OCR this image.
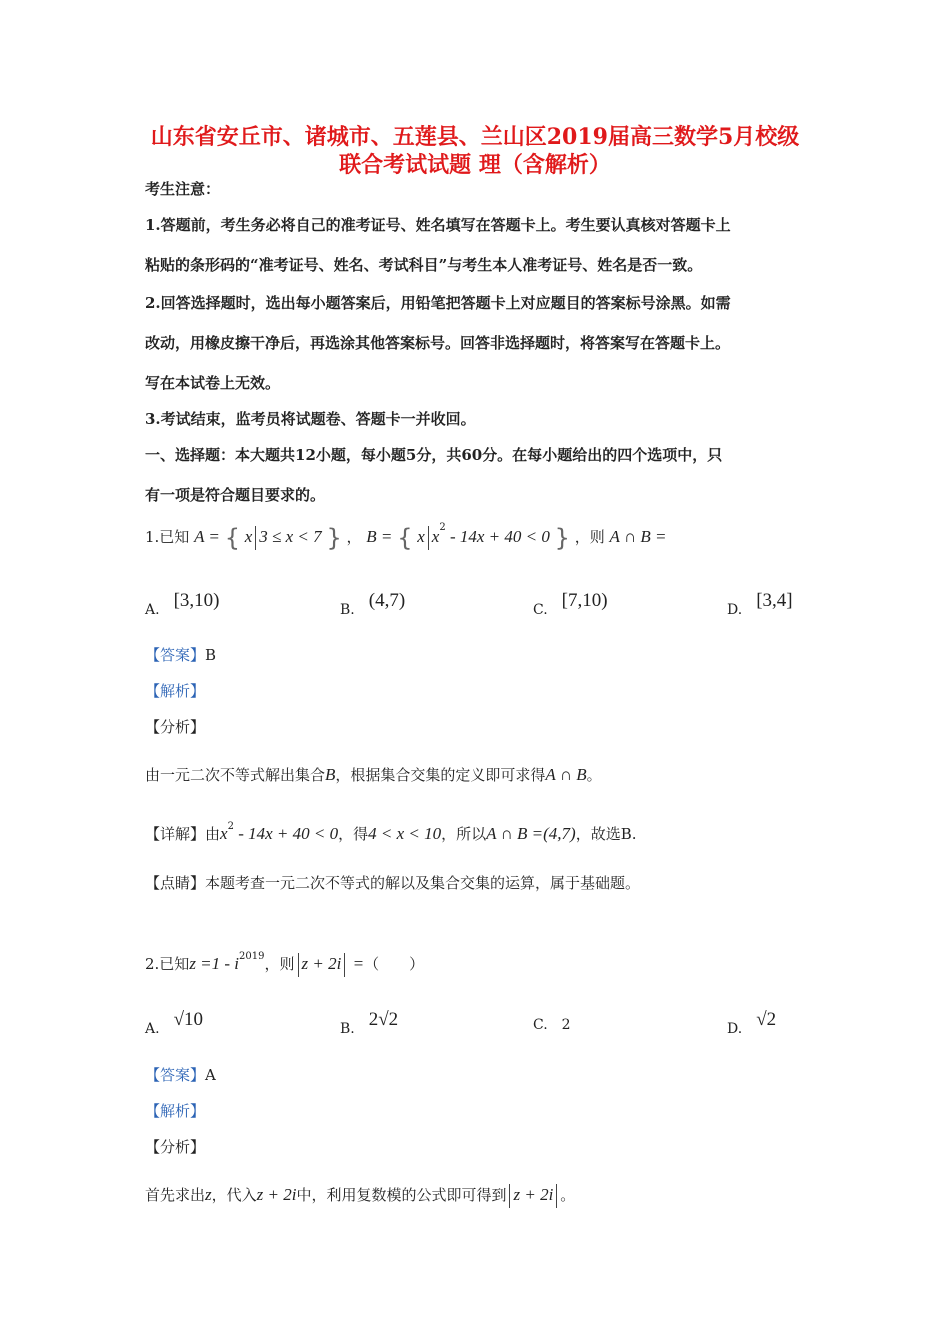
山东省安丘市、诸城市、五莲县、兰山区2019届高三数学5月校级
联合考试试题 理（含解析）
考生注意：
1.答题前，考生务必将自己的准考证号、姓名填写在答题卡上。考生要认真核对答题卡上
粘贴的条形码的“准考证号、姓名、考试科目”与考生本人准考证号、姓名是否一致。
2.回答选择题时，选出每小题答案后，用铅笔把答题卡上对应题目的答案标号涂黑。如需
改动，用橡皮擦干净后，再选涂其他答案标号。回答非选择题时，将答案写在答题卡上。
写在本试卷上无效。
3.考试结束，监考员将试题卷、答题卡一并收回。
一、选择题：本大题共12小题，每小题5分，共60分。在每小题给出的四个选项中，只
有一项是符合题目要求的。
1.已知 A = { x 3 ≤ x < 7 } ， B = { x $x^2 - 14x + 40 < 0$ } ，则 A ∩ B =
A. [3,10)	B. (4,7)	C. [7,10)	D. [3,4]
【答案】B
【解析】
【分析】
由一元二次不等式解出集合B，根据集合交集的定义即可求得A ∩ B。
【详解】由$x^2 - 14x + 40 < 0$，得4 < x < 10，所以A ∩ B =(4,7)，故选B.
【点睛】本题考查一元二次不等式的解以及集合交集的运算，属于基础题。
2.已知$z =1 - i^{2019}$，则 z + 2i =（　　）
A. √10	B. 2√2	C. 2	D. √2
【答案】A
【解析】
【分析】
首先求出z，代入z + 2i中，利用复数模的公式即可得到 z + 2i 。
